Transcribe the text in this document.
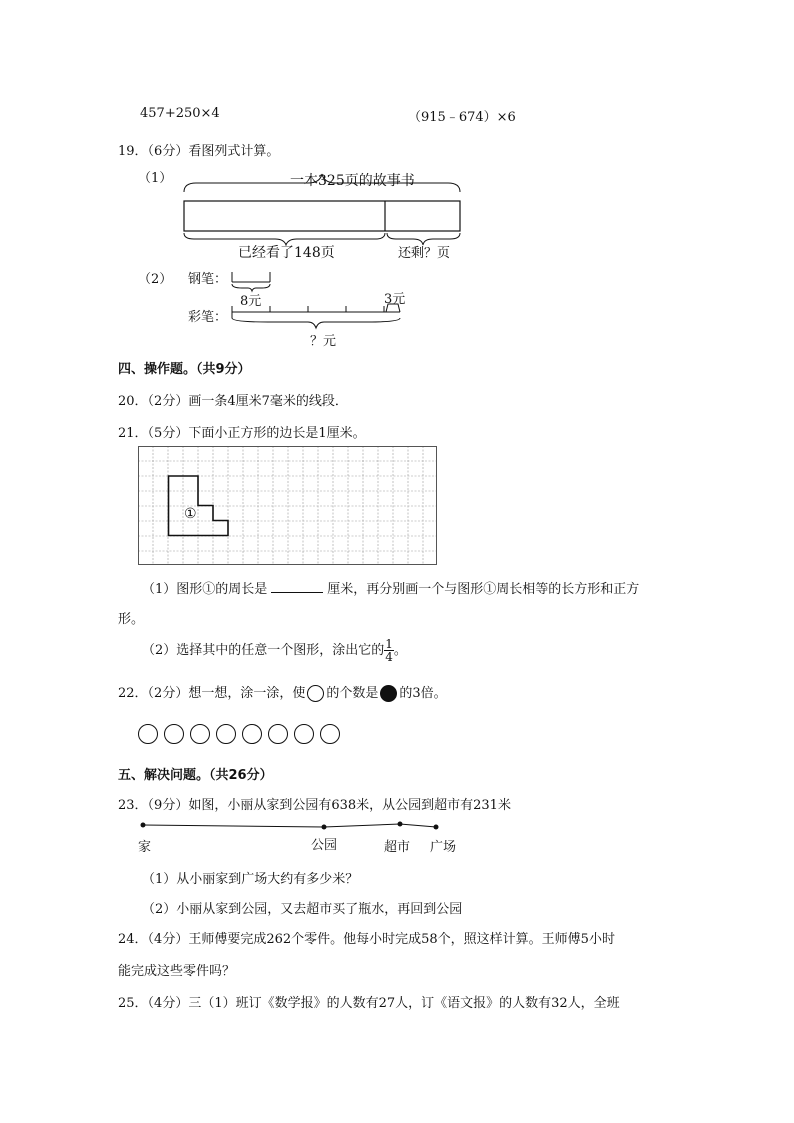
457+250×4	（915﹣674）×6
19．（6分）看图列式计算。
（1）	一本325页的故事书
已经看了148页	还剩？页
（2） 钢笔：
8元
彩笔：
3元
？元
四、操作题。（共9分）
20．（2分）画一条4厘米7毫米的线段．
21．（5分）下面小正方形的边长是1厘米。
①
（1）图形①的周长是	厘米，再分别画一个与图形①周长相等的长方形和正方
形。
（2）选择其中的任意一个图形，涂出它的 $\frac{1}{4}$ 。
22．（2分）想一想，涂一涂，使 的个数是 的3倍。
五、解决问题。（共26分）
23．（9分）如图，小丽从家到公园有638米，从公园到超市有231米
家	公园	超市 广场
（1）从小丽家到广场大约有多少米？
（2）小丽从家到公园，又去超市买了瓶水，再回到公园
24．（4分）王师傅要完成262个零件。他每小时完成58个，照这样计算。王师傅5小时
能完成这些零件吗？
25．（4分）三（1）班订《数学报》的人数有27人，订《语文报》的人数有32人，全班
